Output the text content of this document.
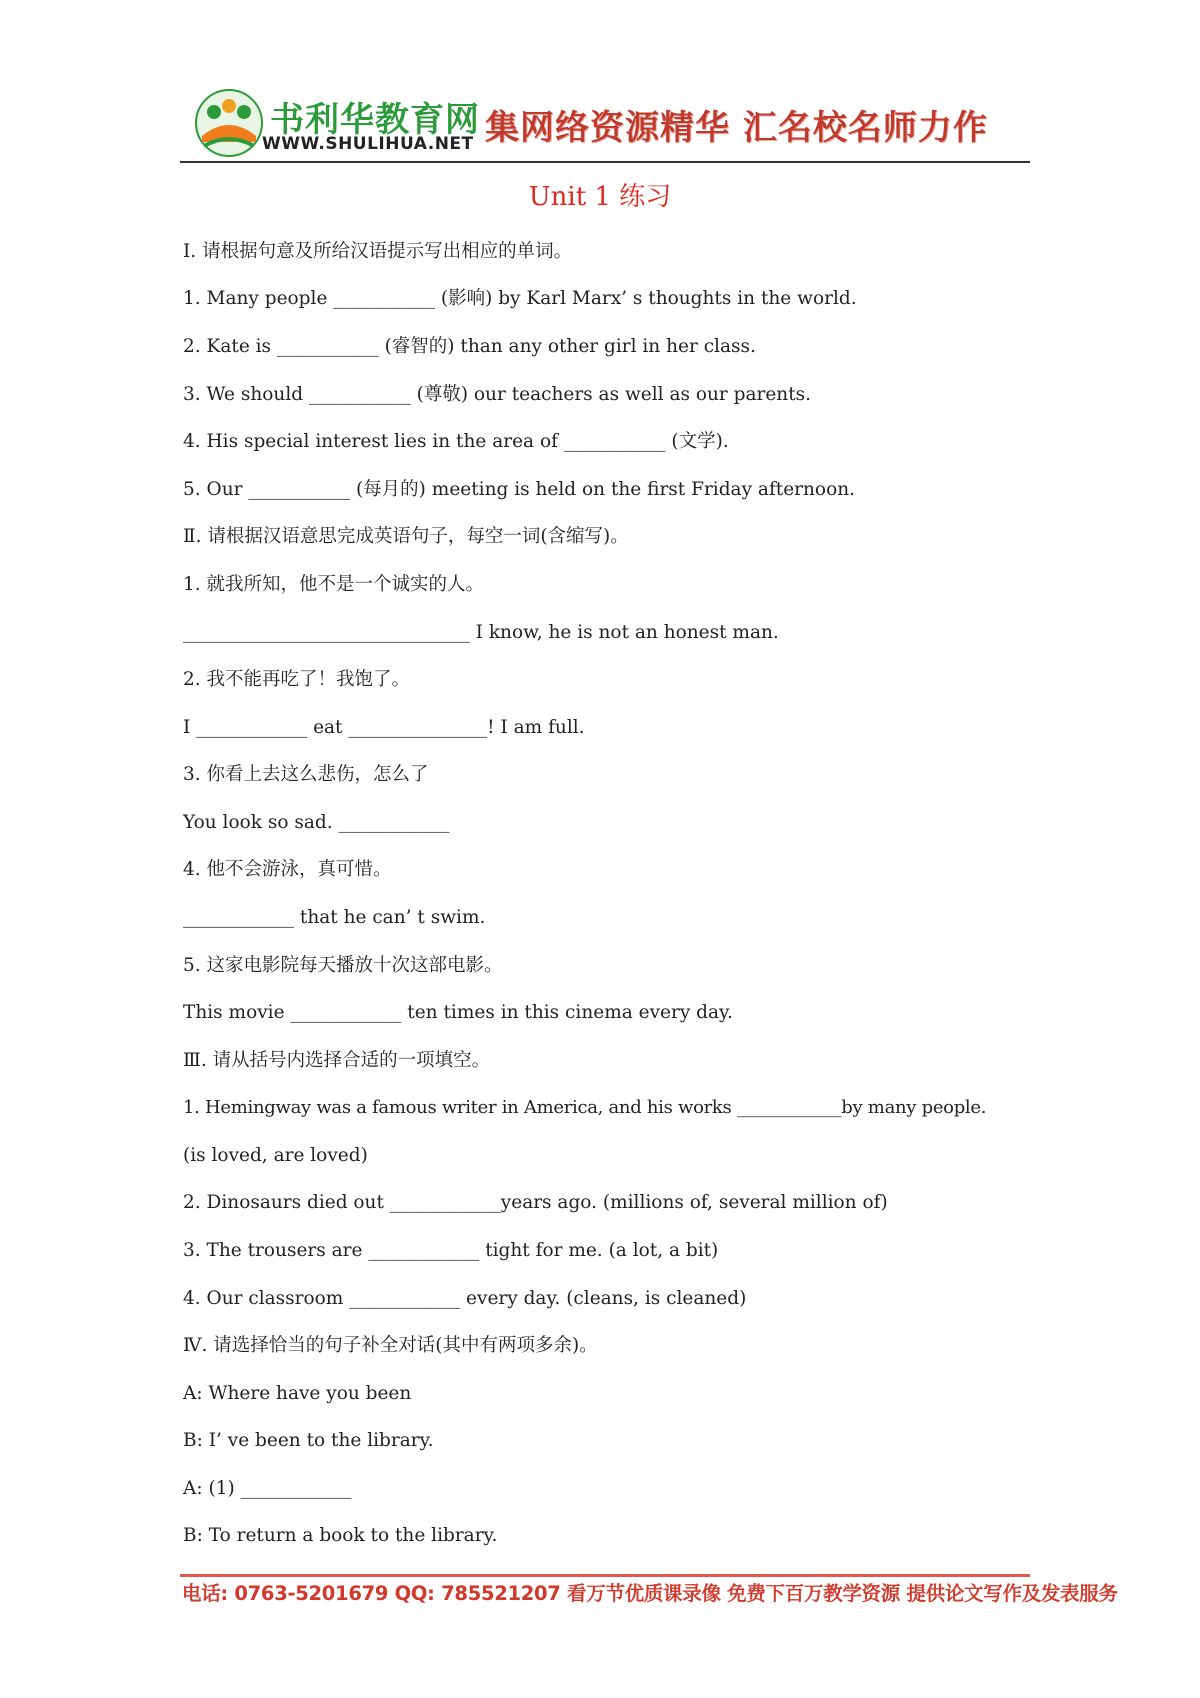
书利华教育网
WWW.SHULIHUA.NET 集网络资源精华 汇名校名师力作
Unit 1 练习
Ⅰ. 请根据句意及所给汉语提示写出相应的单词。
1. Many people ___________ (影响) by Karl Marx’ s thoughts in the world.
2. Kate is ___________ (睿智的) than any other girl in her class.
3. We should ___________ (尊敬) our teachers as well as our parents.
4. His special interest lies in the area of ___________ (文学).
5. Our ___________ (每月的) meeting is held on the first Friday afternoon.
Ⅱ. 请根据汉语意思完成英语句子，每空一词(含缩写)。
1. 就我所知，他不是一个诚实的人。
_______________________________ I know, he is not an honest man.
2. 我不能再吃了！我饱了。
I ____________ eat _______________! I am full.
3. 你看上去这么悲伤，怎么了
You look so sad. ____________
4. 他不会游泳，真可惜。
____________ that he can’ t swim.
5. 这家电影院每天播放十次这部电影。
This movie ____________ ten times in this cinema every day.
Ⅲ. 请从括号内选择合适的一项填空。
1. Hemingway was a famous writer in America, and his works ____________by many people.
(is loved, are loved)
2. Dinosaurs died out ____________years ago. (millions of, several million of)
3. The trousers are ____________ tight for me. (a lot, a bit)
4. Our classroom ____________ every day. (cleans, is cleaned)
Ⅳ. 请选择恰当的句子补全对话(其中有两项多余)。
A: Where have you been
B: I’ ve been to the library.
A: (1) ____________
B: To return a book to the library.
电话: 0763-5201679 QQ: 785521207 看万节优质课录像 免费下百万教学资源 提供论文写作及发表服务
